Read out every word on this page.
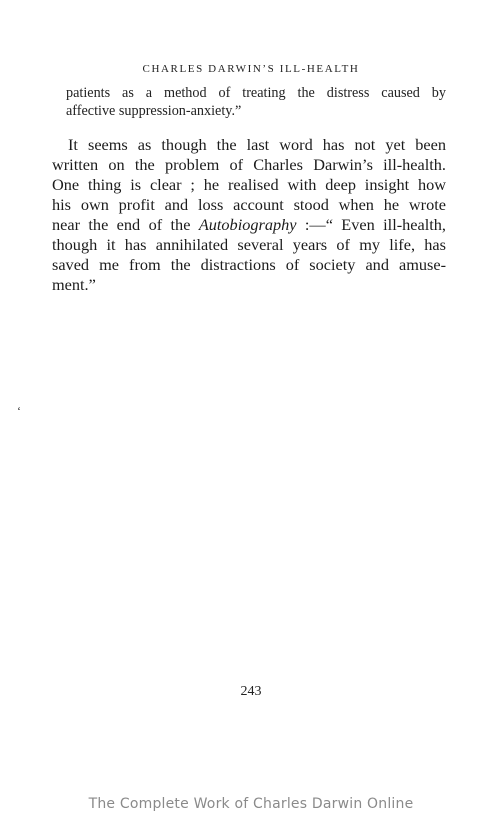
CHARLES DARWIN’S ILL-HEALTH
patients as a method of treating the distress caused by
affective suppression-anxiety.”
It seems as though the last word has not yet been
written on the problem of Charles Darwin’s ill-health.
One thing is clear ; he realised with deep insight how
his own profit and loss account stood when he wrote
near the end of the Autobiography :—“ Even ill-health,
though it has annihilated several years of my life, has
saved me from the distractions of society and amuse-
ment.”
‘
243
The Complete Work of Charles Darwin Online
